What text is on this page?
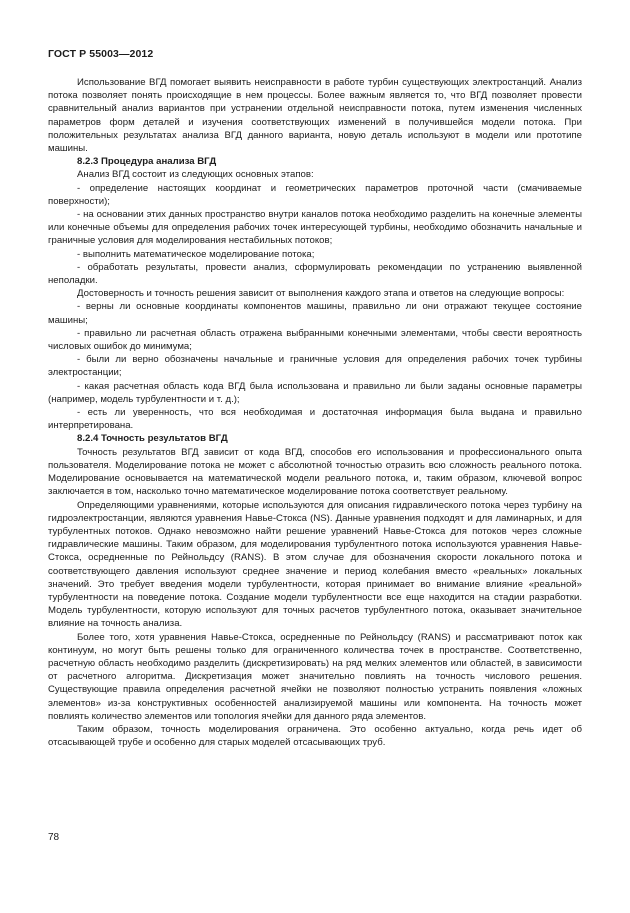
ГОСТ Р 55003—2012

Использование ВГД помогает выявить неисправности в работе турбин существующих электростанций. Анализ потока позволяет понять происходящие в нем процессы. Более важным является то, что ВГД позволяет провести сравнительный анализ вариантов при устранении отдельной неисправности потока, путем изменения численных параметров форм деталей и изучения соответствующих изменений в получившейся модели потока. При положительных результатах анализа ВГД данного варианта, новую деталь используют в модели или прототипе машины.

8.2.3 Процедура анализа ВГД

Анализ ВГД состоит из следующих основных этапов:

- определение настоящих координат и геометрических параметров проточной части (смачиваемые поверхности);

- на основании этих данных пространство внутри каналов потока необходимо разделить на конечные элементы или конечные объемы для определения рабочих точек интересующей турбины, необходимо обозначить начальные и граничные условия для моделирования нестабильных потоков;

- выполнить математическое моделирование потока;

- обработать результаты, провести анализ, сформулировать рекомендации по устранению выявленной неполадки.

Достоверность и точность решения зависит от выполнения каждого этапа и ответов на следующие вопросы:

- верны ли основные координаты компонентов машины, правильно ли они отражают текущее состояние машины;

- правильно ли расчетная область отражена выбранными конечными элементами, чтобы свести вероятность числовых ошибок до минимума;

- были ли верно обозначены начальные и граничные условия для определения рабочих точек турбины электростанции;

- какая расчетная область кода ВГД была использована и правильно ли были заданы основные параметры (например, модель турбулентности и т. д.);

- есть ли уверенность, что вся необходимая и достаточная информация была выдана и правильно интерпретирована.

8.2.4 Точность результатов ВГД

Точность результатов ВГД зависит от кода ВГД, способов его использования и профессионального опыта пользователя. Моделирование потока не может с абсолютной точностью отразить всю сложность реального потока. Моделирование основывается на математической модели реального потока, и, таким образом, ключевой вопрос заключается в том, насколько точно математическое моделирование потока соответствует реальному.

Определяющими уравнениями, которые используются для описания гидравлического потока через турбину на гидроэлектростанции, являются уравнения Навье-Стокса (NS). Данные уравнения подходят и для ламинарных, и для турбулентных потоков. Однако невозможно найти решение уравнений Навье-Стокса для потоков через сложные гидравлические машины. Таким образом, для моделирования турбулентного потока используются уравнения Навье-Стокса, осредненные по Рейнольдсу (RANS). В этом случае для обозначения скорости локального потока и соответствующего давления используют среднее значение и период колебания вместо «реальных» локальных значений. Это требует введения модели турбулентности, которая принимает во внимание влияние «реальной» турбулентности на поведение потока. Создание модели турбулентности все еще находится на стадии разработки. Модель турбулентности, которую используют для точных расчетов турбулентного потока, оказывает значительное влияние на точность анализа.

Более того, хотя уравнения Навье-Стокса, осредненные по Рейнольдсу (RANS) и рассматривают поток как континуум, но могут быть решены только для ограниченного количества точек в пространстве. Соответственно, расчетную область необходимо разделить (дискретизировать) на ряд мелких элементов или областей, в зависимости от расчетного алгоритма. Дискретизация может значительно повлиять на точность числового решения. Существующие правила определения расчетной ячейки не позволяют полностью устранить появления «ложных элементов» из-за конструктивных особенностей анализируемой машины или компонента. На точность может повлиять количество элементов или топология ячейки для данного ряда элементов.

Таким образом, точность моделирования ограничена. Это особенно актуально, когда речь идет об отсасывающей трубе и особенно для старых моделей отсасывающих труб.

78
